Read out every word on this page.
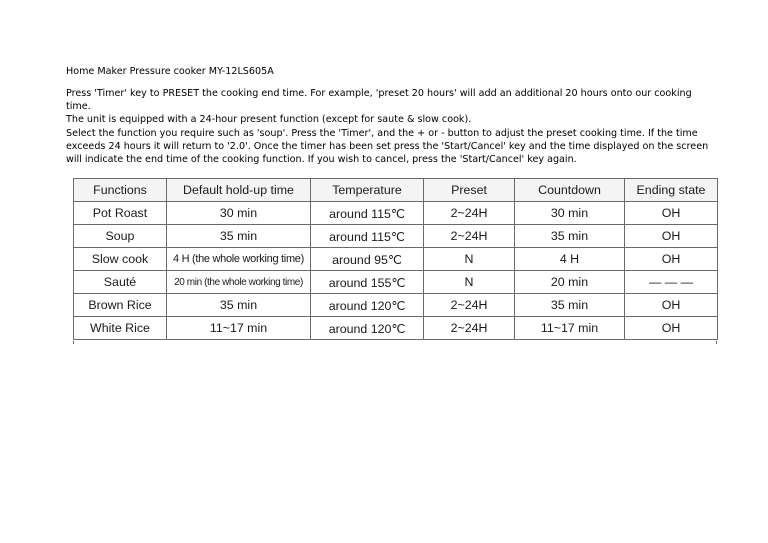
Home Maker Pressure cooker MY-12LS605A

Press 'Timer' key to PRESET the cooking end time. For example, 'preset 20 hours' will add an additional 20 hours onto our cooking time.

The unit is equipped with a 24-hour present function (except for saute & slow cook).

Select the function you require such as 'soup'. Press the 'Timer', and the + or - button to adjust the preset cooking time. If the time exceeds 24 hours it will return to '2.0'. Once the timer has been set press the 'Start/Cancel' key and the time displayed on the screen will indicate the end time of the cooking function. If you wish to cancel, press the 'Start/Cancel' key again.

Functions	Default hold-up time	Temperature	Preset	Countdown	Ending state
Pot Roast	30 min	around 115℃	2~24H	30 min	OH
Soup	35 min	around 115℃	2~24H	35 min	OH
Slow cook	4 H (the whole working time)	around 95℃	N	4 H	OH
Sauté	20 min (the whole working time)	around 155℃	N	20 min	— — —
Brown Rice	35 min	around 120℃	2~24H	35 min	OH
White Rice	11~17 min	around 120℃	2~24H	11~17 min	OH
